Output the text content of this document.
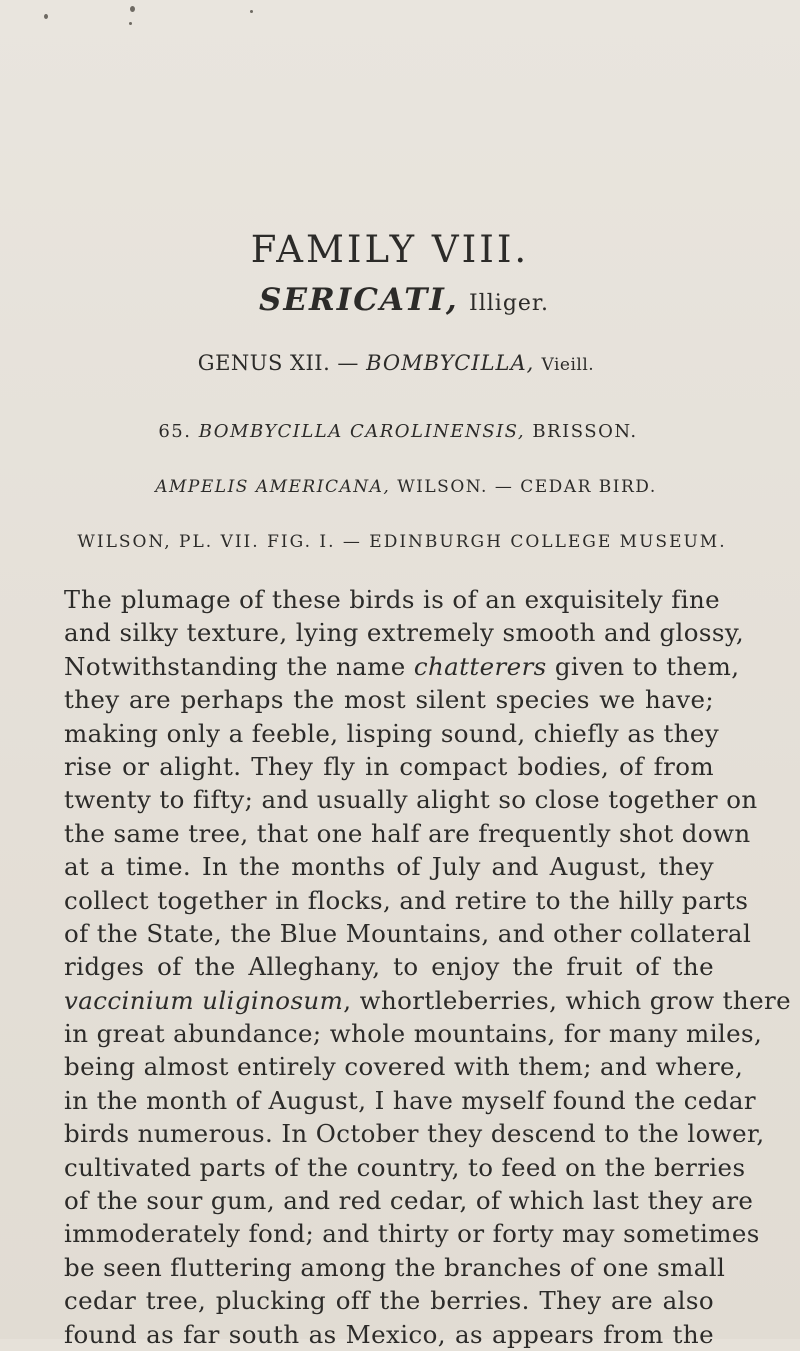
FAMILY VIII.
SERICATI, Illiger.
GENUS XII. — BOMBYCILLA, Vieill.
65. BOMBYCILLA CAROLINENSIS, BRISSON.
AMPELIS AMERICANA, WILSON. — CEDAR BIRD.
WILSON, PL. VII. FIG. I. — EDINBURGH COLLEGE MUSEUM.
The plumage of these birds is of an exquisitely fine
and silky texture, lying extremely smooth and glossy,
Notwithstanding the name chatterers given to them,
they are perhaps the most silent species we have;
making only a feeble, lisping sound, chiefly as they
rise or alight. They fly in compact bodies, of from
twenty to fifty; and usually alight so close together on
the same tree, that one half are frequently shot down
at a time. In the months of July and August, they
collect together in flocks, and retire to the hilly parts
of the State, the Blue Mountains, and other collateral
ridges of the Alleghany, to enjoy the fruit of the
vaccinium uliginosum, whortleberries, which grow there
in great abundance; whole mountains, for many miles,
being almost entirely covered with them; and where,
in the month of August, I have myself found the cedar
birds numerous. In October they descend to the lower,
cultivated parts of the country, to feed on the berries
of the sour gum, and red cedar, of which last they are
immoderately fond; and thirty or forty may sometimes
be seen fluttering among the branches of one small
cedar tree, plucking off the berries. They are also
found as far south as Mexico, as appears from the
